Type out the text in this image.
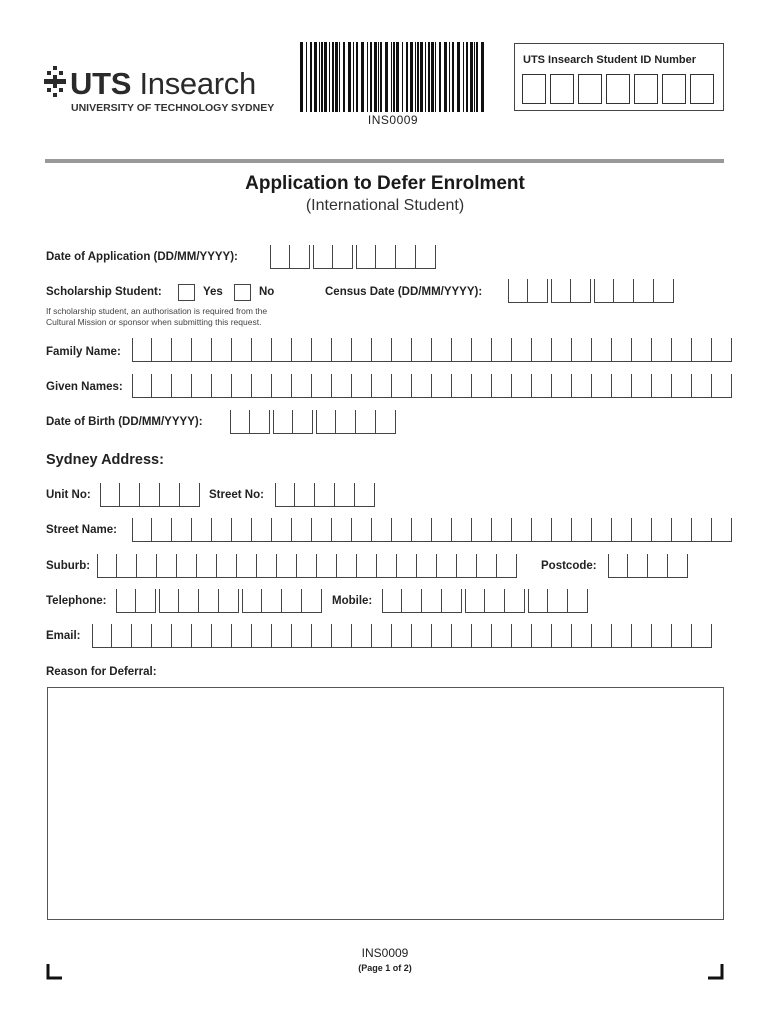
UTS Insearch
UNIVERSITY OF TECHNOLOGY SYDNEY
INS0009
UTS Insearch Student ID Number
Application to Defer Enrolment
(International Student)
Date of Application (DD/MM/YYYY):
Scholarship Student:	Yes	No
If scholarship student, an authorisation is required from the Cultural Mission or sponsor when submitting this request.
Census Date (DD/MM/YYYY):
Family Name:
Given Names:
Date of Birth (DD/MM/YYYY):
Sydney Address:
Unit No:	Street No:
Street Name:
Suburb:	Postcode:
Telephone:	Mobile:
Email:
Reason for Deferral:
INS0009
(Page 1 of 2)
